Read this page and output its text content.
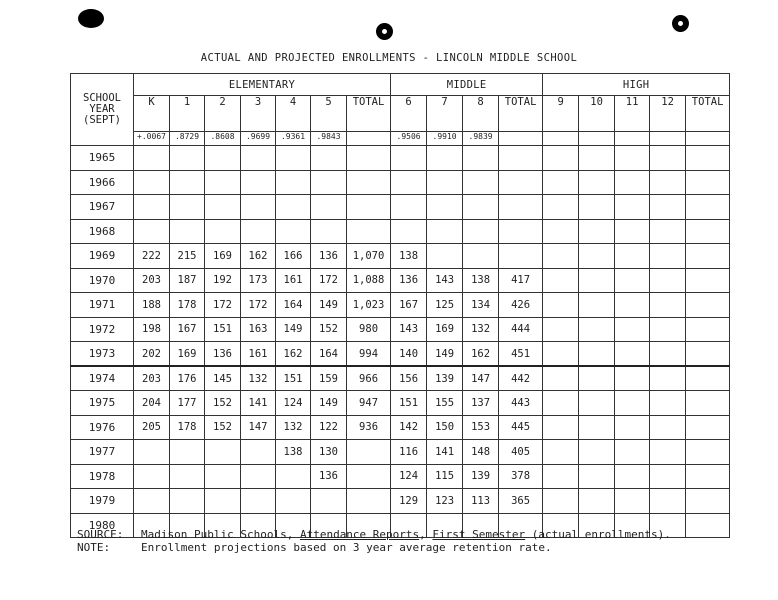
ACTUAL AND PROJECTED ENROLLMENTS - LINCOLN MIDDLE SCHOOL
SCHOOL
YEAR
(SEPT)	ELEMENTARY							MIDDLE				HIGH				
	K	1	2	3	4	5	TOTAL	6	7	8	TOTAL	9	10	11	12	TOTAL
	+.0067	.8729	.8608	.9699	.9361	.9843		.9506	.9910	.9839						
1965																
1966																
1967																
1968																
1969	222	215	169	162	166	136	1,070	138								
1970	203	187	192	173	161	172	1,088	136	143	138	417					
1971	188	178	172	172	164	149	1,023	167	125	134	426					
1972	198	167	151	163	149	152	980	143	169	132	444					
1973	202	169	136	161	162	164	994	140	149	162	451					
1974	203	176	145	132	151	159	966	156	139	147	442					
1975	204	177	152	141	124	149	947	151	155	137	443					
1976	205	178	152	147	132	122	936	142	150	153	445					
1977					138	130		116	141	148	405					
1978						136		124	115	139	378					
1979								129	123	113	365					
1980																
SOURCE: Madison Public Schools, Attendance Reports, First Semester (actual enrollments).
NOTE:	Enrollment projections based on 3 year average retention rate.
